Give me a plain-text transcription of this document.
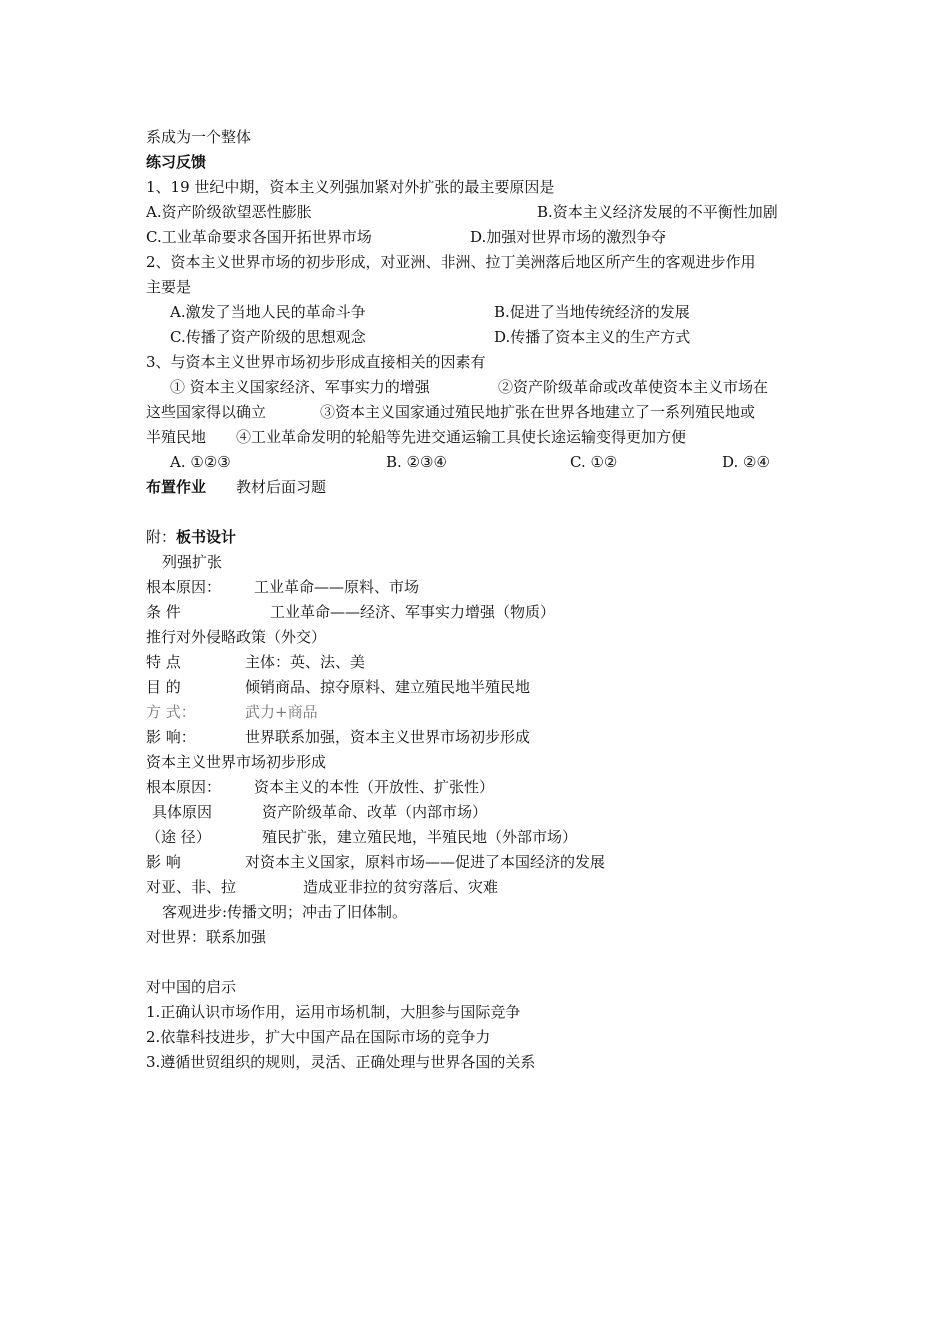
系成为一个整体
练习反馈
1、19 世纪中期，资本主义列强加紧对外扩张的最主要原因是
A.资产阶级欲望恶性膨胀	B.资本主义经济发展的不平衡性加剧
C.工业革命要求各国开拓世界市场	D.加强对世界市场的激烈争夺
2、资本主义世界市场的初步形成，对亚洲、非洲、拉丁美洲落后地区所产生的客观进步作用
主要是
A.激发了当地人民的革命斗争	B.促进了当地传统经济的发展
C.传播了资产阶级的思想观念	D.传播了资本主义的生产方式
3、与资本主义世界市场初步形成直接相关的因素有
① 资本主义国家经济、军事实力的增强	②资产阶级革命或改革使资本主义市场在
这些国家得以确立	③资本主义国家通过殖民地扩张在世界各地建立了一系列殖民地或
半殖民地 ④工业革命发明的轮船等先进交通运输工具使长途运输变得更加方便
A. ①②③	B. ②③④	C. ①②	D. ②④
布置作业 教材后面习题
附：板书设计
列强扩张
根本原因： 工业革命——原料、市场
条 件	工业革命——经济、军事实力增强（物质）
推行对外侵略政策（外交）
特 点	主体：英、法、美
目 的	倾销商品、掠夺原料、建立殖民地半殖民地
方 式：	武力+商品
影 响：	世界联系加强，资本主义世界市场初步形成
资本主义世界市场初步形成
根本原因： 资本主义的本性（开放性、扩张性）
具体原因	资产阶级革命、改革（内部市场）
（途 径）	殖民扩张，建立殖民地，半殖民地（外部市场）
影 响	对资本主义国家，原料市场——促进了本国经济的发展
对亚、非、拉	造成亚非拉的贫穷落后、灾难
客观进步:传播文明；冲击了旧体制。
对世界：联系加强
对中国的启示
1.正确认识市场作用，运用市场机制，大胆参与国际竞争
2.依靠科技进步，扩大中国产品在国际市场的竞争力
3.遵循世贸组织的规则，灵活、正确处理与世界各国的关系
